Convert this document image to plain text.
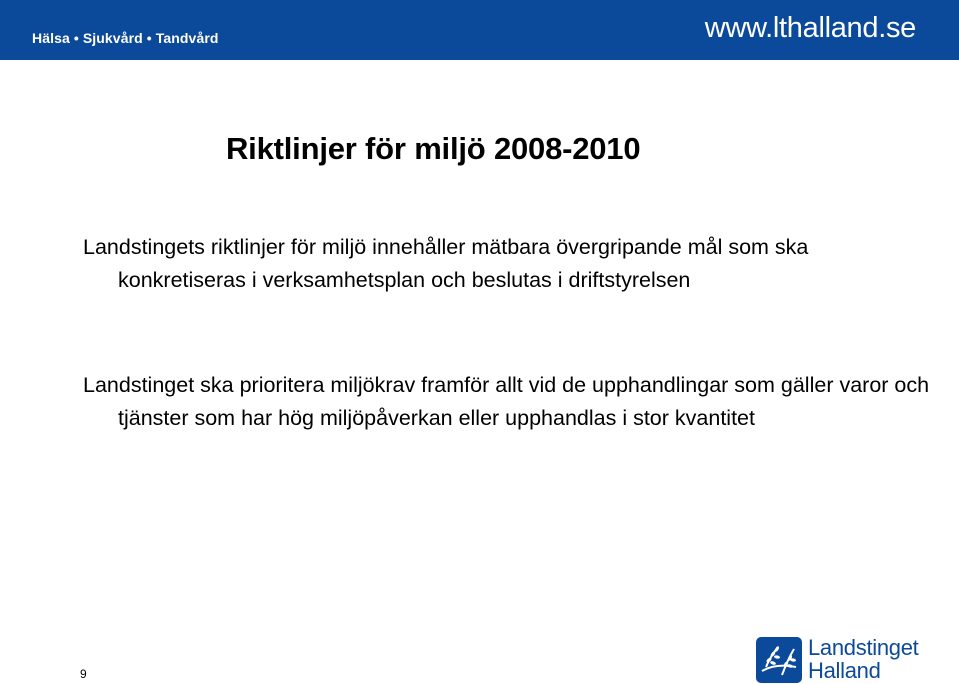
Hälsa • Sjukvård • Tandvård	www.lthalland.se
Riktlinjer för miljö 2008-2010
Landstingets riktlinjer för miljö innehåller mätbara övergripande mål som ska konkretiseras i verksamhetsplan och beslutas i driftstyrelsen
Landstinget ska prioritera miljökrav framför allt vid de upphandlingar som gäller varor och tjänster som har hög miljöpåverkan eller upphandlas i stor kvantitet
9
Landstinget
Halland
